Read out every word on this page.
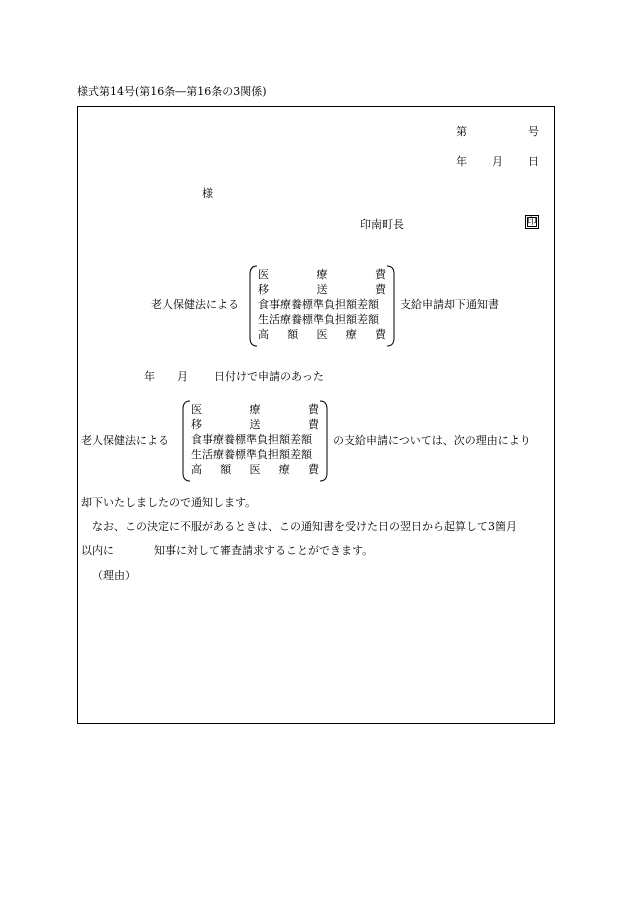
様式第14号(第16条―第16条の3関係)
第	号
年 月 日
様
印南町長	印
老人保健法による
医	療	費
移	送	費
食事療養標準負担額差額
生活療養標準負担額差額
高 額 医 療 費
支給申請却下通知書
年 月 日付けで申請のあった
老人保健法による
医	療	費
移	送	費
食事療養標準負担額差額
生活療養標準負担額差額
高 額 医 療 費
の支給申請については、次の理由により
却下いたしましたので通知します。
なお、この決定に不服があるときは、この通知書を受けた日の翌日から起算して3箇月
以内に	知事に対して審査請求することができます。
（理由）
